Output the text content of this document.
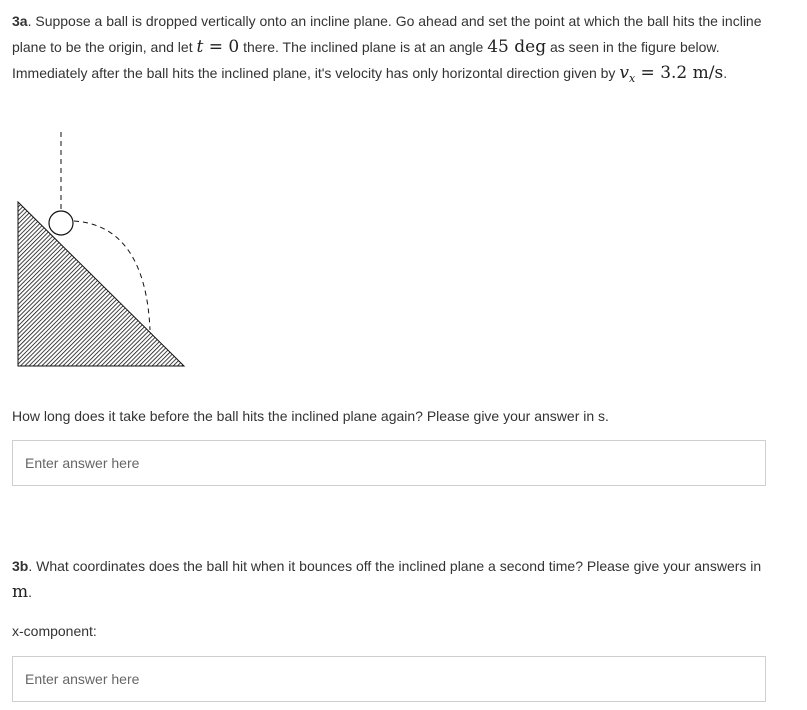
3a. Suppose a ball is dropped vertically onto an incline plane. Go ahead and set the point at which the ball hits the incline plane to be the origin, and let t = 0 there. The inclined plane is at an angle 45 deg as seen in the figure below. Immediately after the ball hits the inclined plane, it's velocity has only horizontal direction given by $v_x = 3.2$ m/s.

How long does it take before the ball hits the inclined plane again? Please give your answer in s.

Enter answer here

3b. What coordinates does the ball hit when it bounces off the inclined plane a second time? Please give your answers in m.

x-component:

Enter answer here
